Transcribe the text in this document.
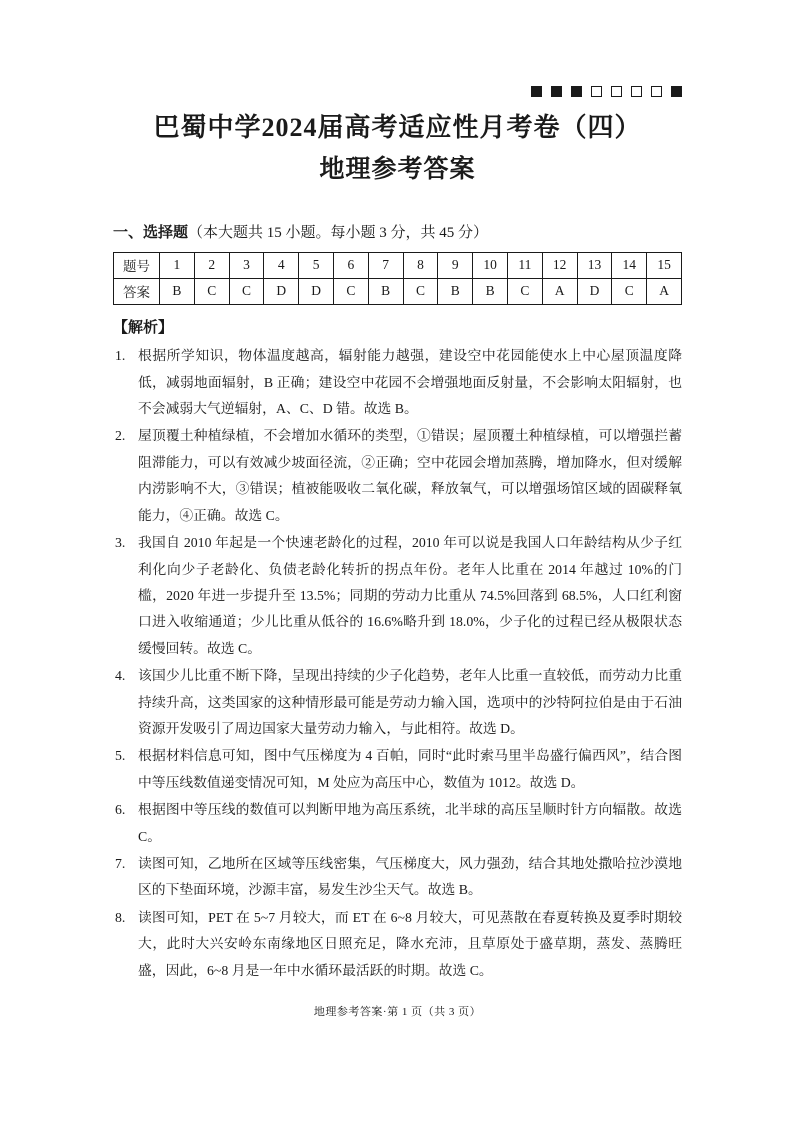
巴蜀中学2024届高考适应性月考卷（四）
地理参考答案
一、选择题（本大题共 15 小题。每小题 3 分，共 45 分）
题号	1	2	3	4	5	6	7	8	9	10	11	12	13	14	15
答案	B	C	C	D	D	C	B	C	B	B	C	A	D	C	A
【解析】
1. 根据所学知识，物体温度越高，辐射能力越强，建设空中花园能使水上中心屋顶温度降低，减弱地面辐射，B 正确；建设空中花园不会增强地面反射量，不会影响太阳辐射，也不会减弱大气逆辐射，A、C、D 错。故选 B。
2. 屋顶覆土种植绿植，不会增加水循环的类型，①错误；屋顶覆土种植绿植，可以增强拦蓄阻滞能力，可以有效减少坡面径流，②正确；空中花园会增加蒸腾，增加降水，但对缓解内涝影响不大，③错误；植被能吸收二氧化碳，释放氧气，可以增强场馆区域的固碳释氧能力，④正确。故选 C。
3. 我国自 2010 年起是一个快速老龄化的过程，2010 年可以说是我国人口年龄结构从少子红利化向少子老龄化、负债老龄化转折的拐点年份。老年人比重在 2014 年越过 10%的门槛，2020 年进一步提升至 13.5%；同期的劳动力比重从 74.5%回落到 68.5%，人口红利窗口进入收缩通道；少儿比重从低谷的 16.6%略升到 18.0%，少子化的过程已经从极限状态缓慢回转。故选 C。
4. 该国少儿比重不断下降，呈现出持续的少子化趋势，老年人比重一直较低，而劳动力比重持续升高，这类国家的这种情形最可能是劳动力输入国，选项中的沙特阿拉伯是由于石油资源开发吸引了周边国家大量劳动力输入，与此相符。故选 D。
5. 根据材料信息可知，图中气压梯度为 4 百帕，同时“此时索马里半岛盛行偏西风”，结合图中等压线数值递变情况可知，M 处应为高压中心，数值为 1012。故选 D。
6. 根据图中等压线的数值可以判断甲地为高压系统，北半球的高压呈顺时针方向辐散。故选 C。
7. 读图可知，乙地所在区域等压线密集，气压梯度大，风力强劲，结合其地处撒哈拉沙漠地区的下垫面环境，沙源丰富，易发生沙尘天气。故选 B。
8. 读图可知，PET 在 5~7 月较大，而 ET 在 6~8 月较大，可见蒸散在春夏转换及夏季时期较大，此时大兴安岭东南缘地区日照充足，降水充沛，且草原处于盛草期，蒸发、蒸腾旺盛，因此，6~8 月是一年中水循环最活跃的时期。故选 C。
地理参考答案·第 1 页（共 3 页）
